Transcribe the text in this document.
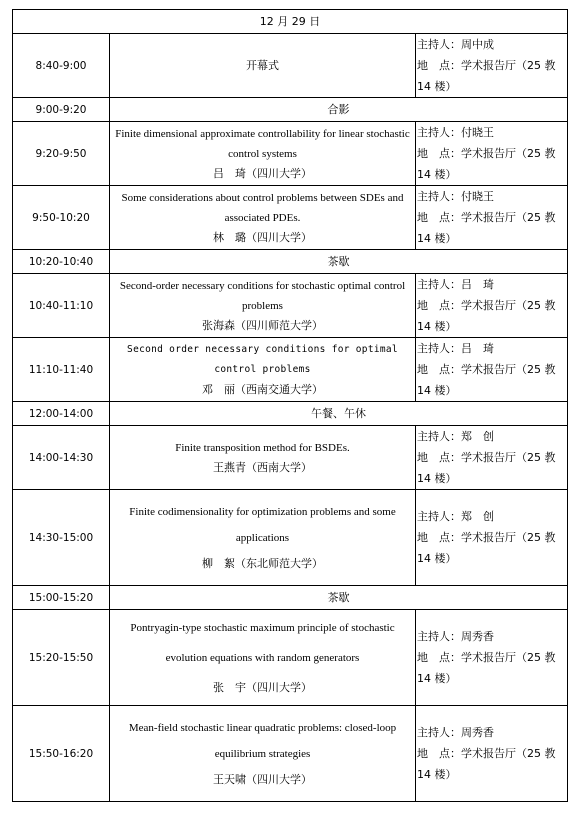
12 月 29 日		
8:40-9:00	开幕式	主持人：周中成
地　点：学术报告厅（25 教
14 楼）

9:00-9:20	合影	
9:20-9:50	Finite dimensional approximate controllability for linear stochastic control systems
吕　琦（四川大学）	主持人：付晓王
地　点：学术报告厅（25 教
14 楼）

9:50-10:20	Some considerations about control problems between SDEs and associated PDEs.
林　璐（四川大学）	主持人：付晓王
地　点：学术报告厅（25 教
14 楼）

10:20-10:40	茶歇	
10:40-11:10	Second-order necessary conditions for stochastic optimal control problems
张海森（四川师范大学）	主持人：吕　琦
地　点：学术报告厅（25 教
14 楼）

11:10-11:40	Second order necessary conditions for optimal control problems
邓　丽（西南交通大学）	主持人：吕　琦
地　点：学术报告厅（25 教
14 楼）

12:00-14:00	午餐、午休	
14:00-14:30	Finite transposition method for BSDEs.
王燕青（西南大学）	主持人：郑　创
地　点：学术报告厅（25 教
14 楼）

14:30-15:00	Finite codimensionality for optimization problems and some applications
柳　絮（东北师范大学）	主持人：郑　创
地　点：学术报告厅（25 教
14 楼）

15:00-15:20	茶歇	
15:20-15:50	Pontryagin-type stochastic maximum principle of stochastic evolution equations with random generators
张　宇（四川大学）	主持人：周秀香
地　点：学术报告厅（25 教
14 楼）

15:50-16:20	Mean-field stochastic linear quadratic problems: closed-loop equilibrium strategies
王天啸（四川大学）	主持人：周秀香
地　点：学术报告厅（25 教
14 楼）
